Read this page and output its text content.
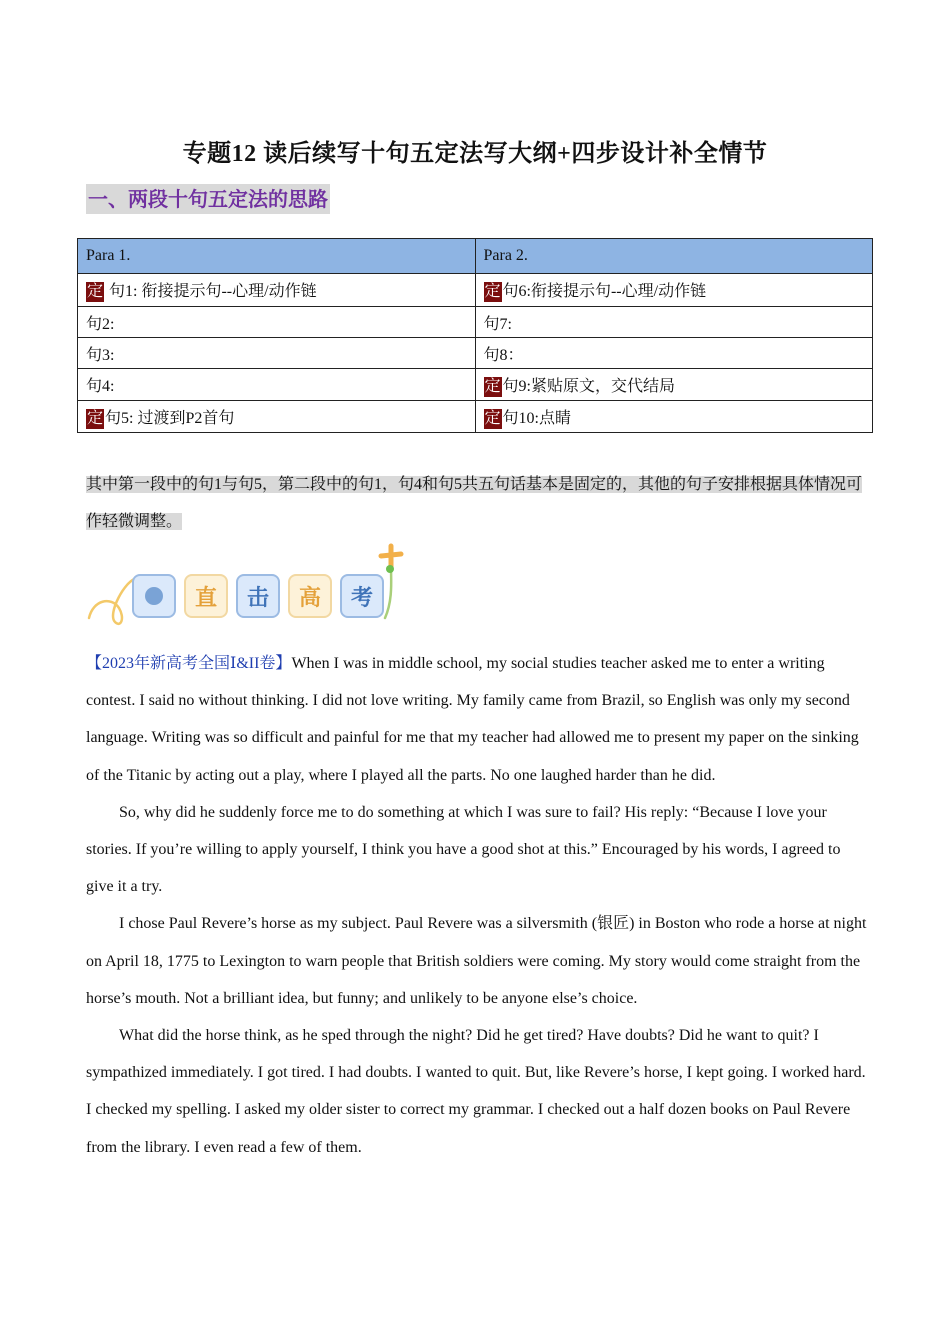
专题12 读后续写十句五定法写大纲+四步设计补全情节
一、两段十句五定法的思路
Para 1.	Para 2.
定 句1: 衔接提示句--心理/动作链	定 句6:衔接提示句--心理/动作链
句2:	句7:
句3:	句8：
句4:	定 句9:紧贴原文，交代结局
定 句5: 过渡到P2首句	定 句10:点睛
其中第一段中的句1与句5，第二段中的句1，句4和句5共五句话基本是固定的，其他的句子安排根据具体情况可作轻微调整。
直	击	高	考

【2023年新高考全国Ⅰ&II卷】When I was in middle school, my social studies teacher asked me to enter a writing contest. I said no without thinking. I did not love writing. My family came from Brazil, so English was only my second language. Writing was so difficult and painful for me that my teacher had allowed me to present my paper on the sinking of the Titanic by acting out a play, where I played all the parts. No one laughed harder than he did.

So, why did he suddenly force me to do something at which I was sure to fail? His reply: “Because I love your stories. If you’re willing to apply yourself, I think you have a good shot at this.” Encouraged by his words, I agreed to give it a try.

I chose Paul Revere’s horse as my subject. Paul Revere was a silversmith (银匠) in Boston who rode a horse at night on April 18, 1775 to Lexington to warn people that British soldiers were coming. My story would come straight from the horse’s mouth. Not a brilliant idea, but funny; and unlikely to be anyone else’s choice.

What did the horse think, as he sped through the night? Did he get tired? Have doubts? Did he want to quit? I sympathized immediately. I got tired. I had doubts. I wanted to quit. But, like Revere’s horse, I kept going. I worked hard. I checked my spelling. I asked my older sister to correct my grammar. I checked out a half dozen books on Paul Revere from the library. I even read a few of them.
